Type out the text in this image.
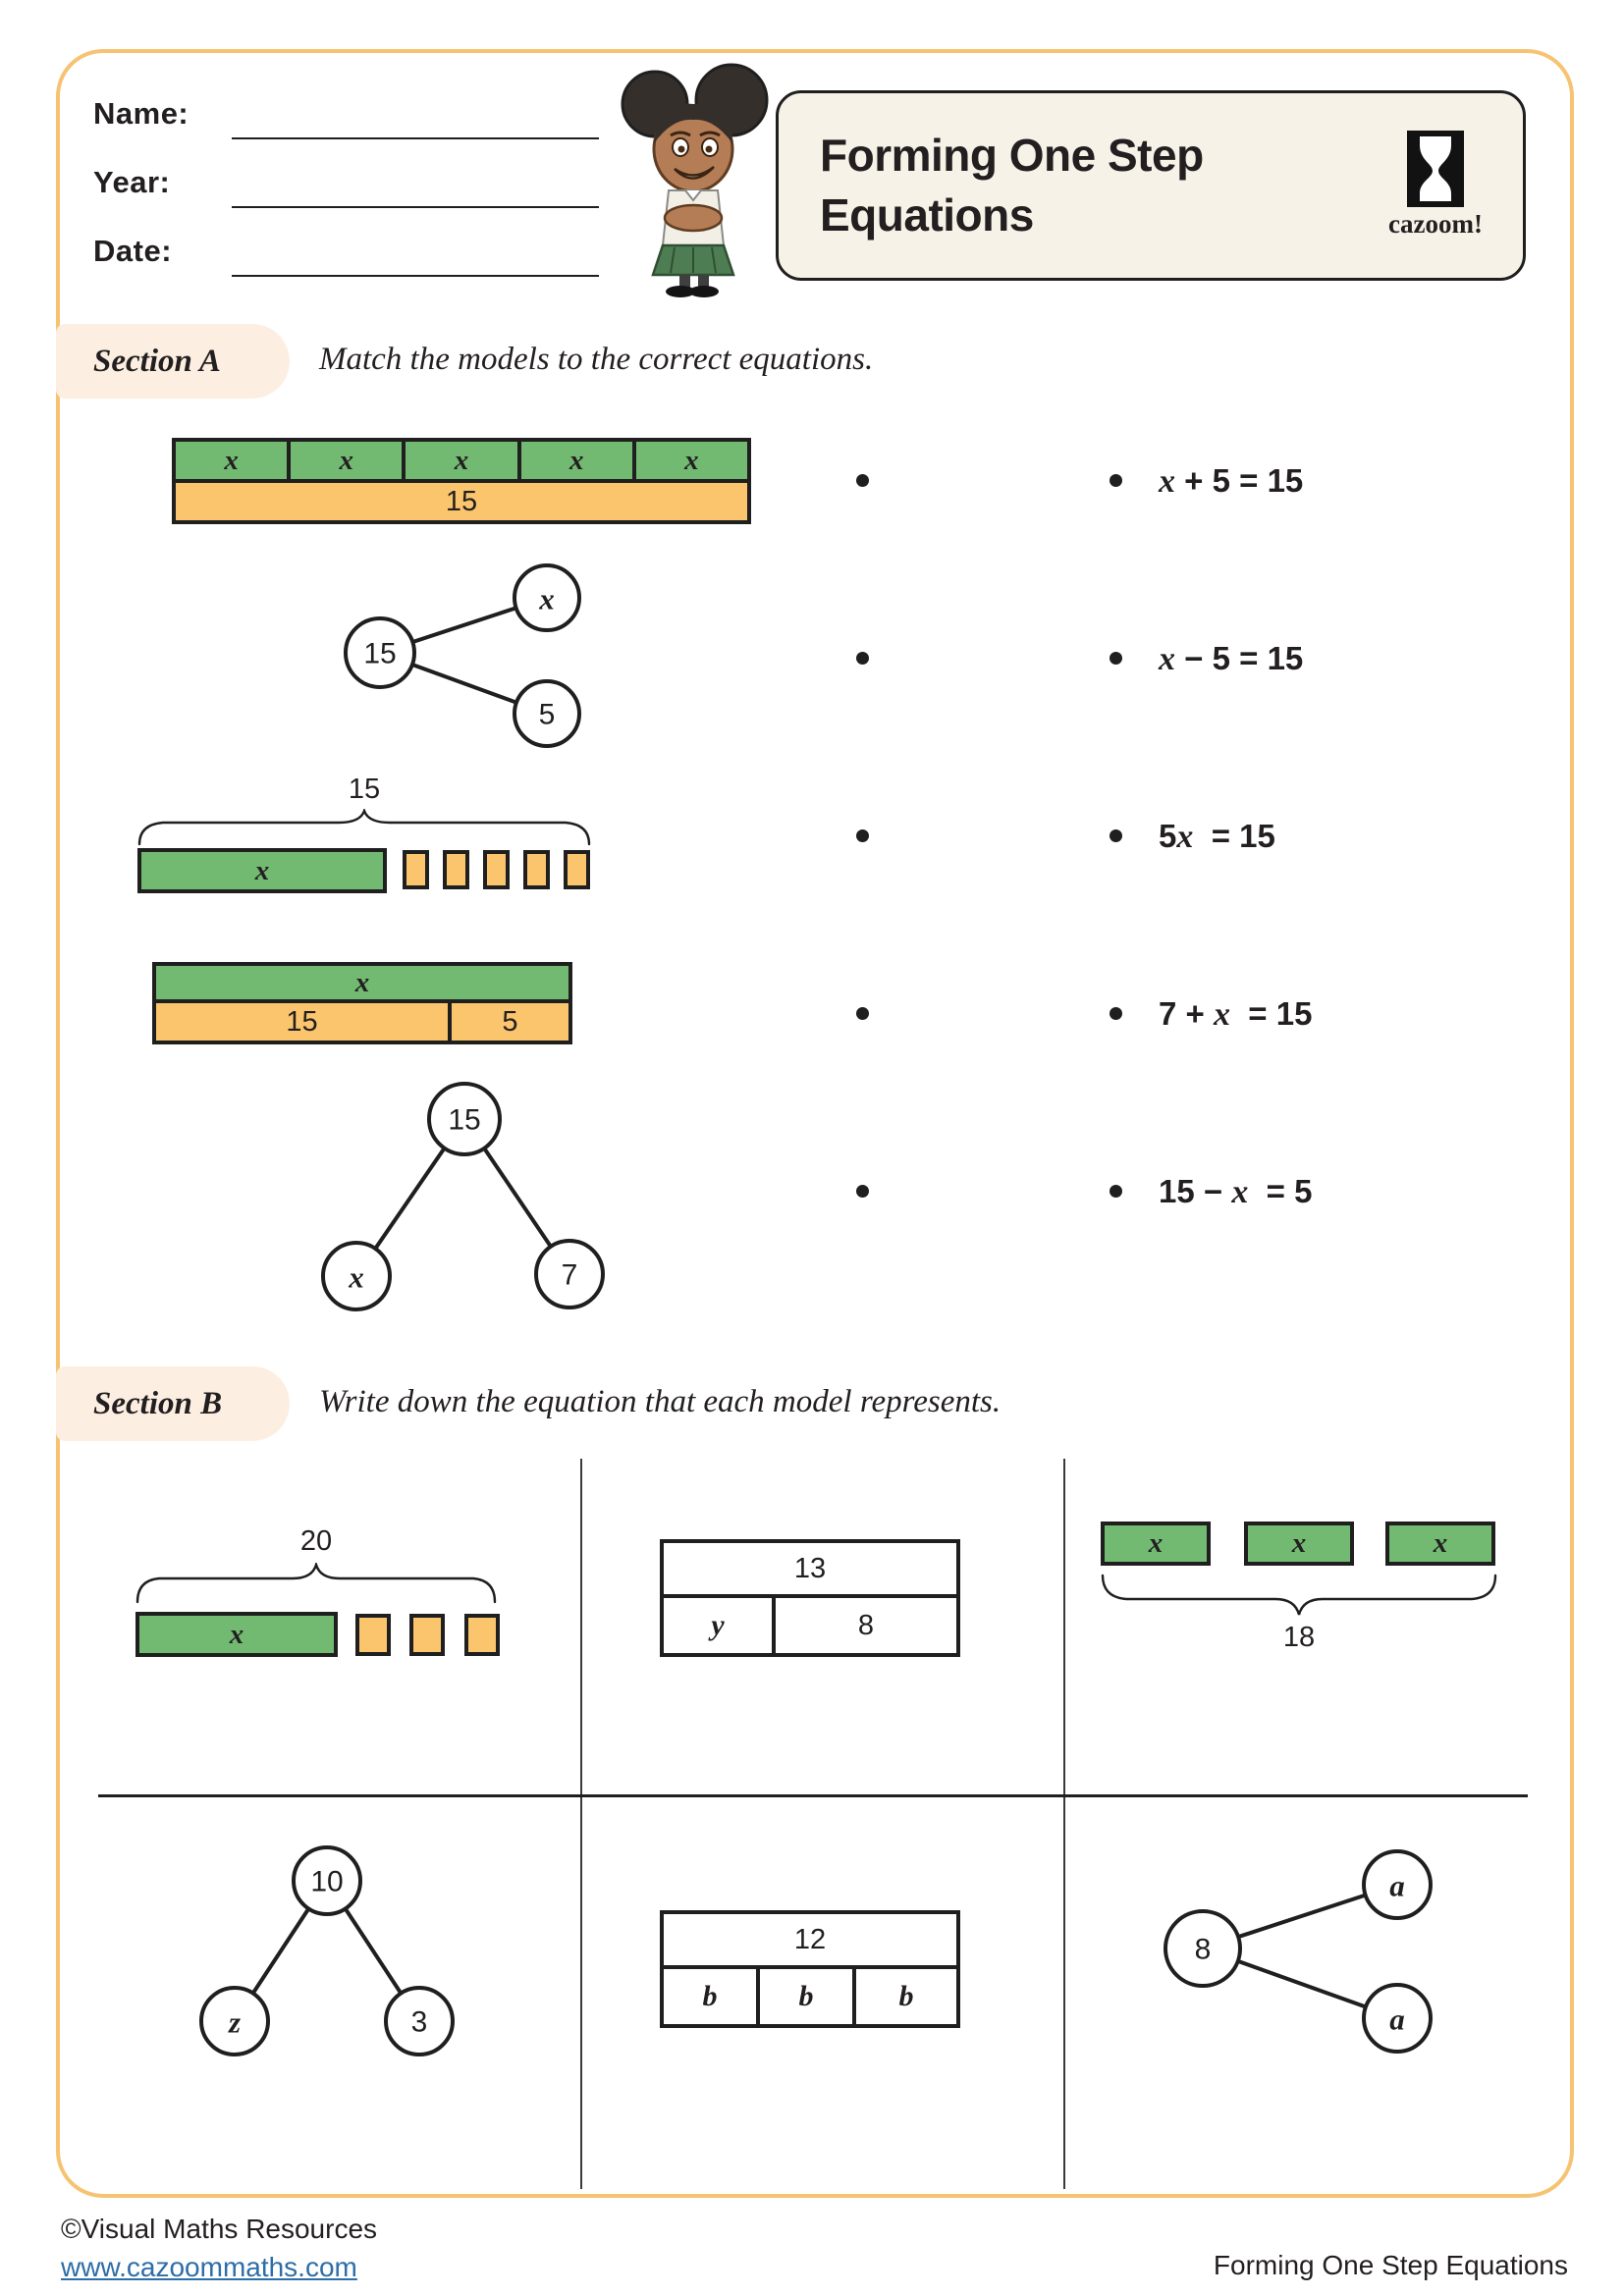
Name:
Year:
Date:
Forming One Step
Equations	cazoom!
Section A	Match the models to the correct equations.
x	x	x	x	x
15
15
x
5
15
x
x
15	5
15
x	7
x + 5 = 15
x − 5 = 15
5x  = 15
7 + x  = 15
15 − x  = 5
Section B	Write down the equation that each model represents.
20
x
13
y	8
x	x	x
18
10
z	3
12
b	b	b
8
a
a
©Visual Maths Resources
www.cazoommaths.com	Forming One Step Equations
